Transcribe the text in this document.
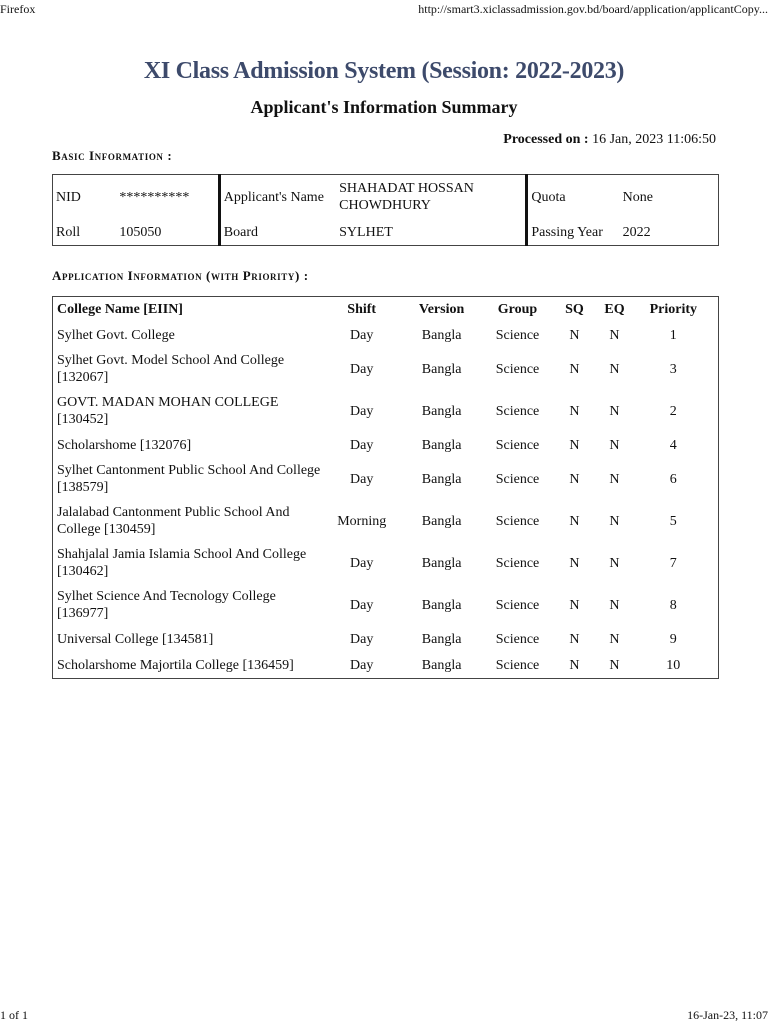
Firefox	http://smart3.xiclassadmission.gov.bd/board/application/applicantCopy...
XI Class Admission System (Session: 2022-2023)
Applicant's Information Summary
Processed on : 16 Jan, 2023 11:06:50
Basic Information :
NID	**********	Applicant's Name	SHAHADAT HOSSAN CHOWDHURY	Quota	None
Roll	105050	Board	SYLHET	Passing Year	2022
Application Information (with Priority) :
College Name [EIIN]	Shift	Version	Group	SQ	EQ	Priority
Sylhet Govt. College	Day	Bangla	Science	N	N	1
Sylhet Govt. Model School And College [132067]	Day	Bangla	Science	N	N	3
GOVT. MADAN MOHAN COLLEGE [130452]	Day	Bangla	Science	N	N	2
Scholarshome [132076]	Day	Bangla	Science	N	N	4
Sylhet Cantonment Public School And College [138579]	Day	Bangla	Science	N	N	6
Jalalabad Cantonment Public School And College [130459]	Morning	Bangla	Science	N	N	5
Shahjalal Jamia Islamia School And College [130462]	Day	Bangla	Science	N	N	7
Sylhet Science And Tecnology College [136977]	Day	Bangla	Science	N	N	8
Universal College [134581]	Day	Bangla	Science	N	N	9
Scholarshome Majortila College [136459]	Day	Bangla	Science	N	N	10
1 of 1	16-Jan-23, 11:07
